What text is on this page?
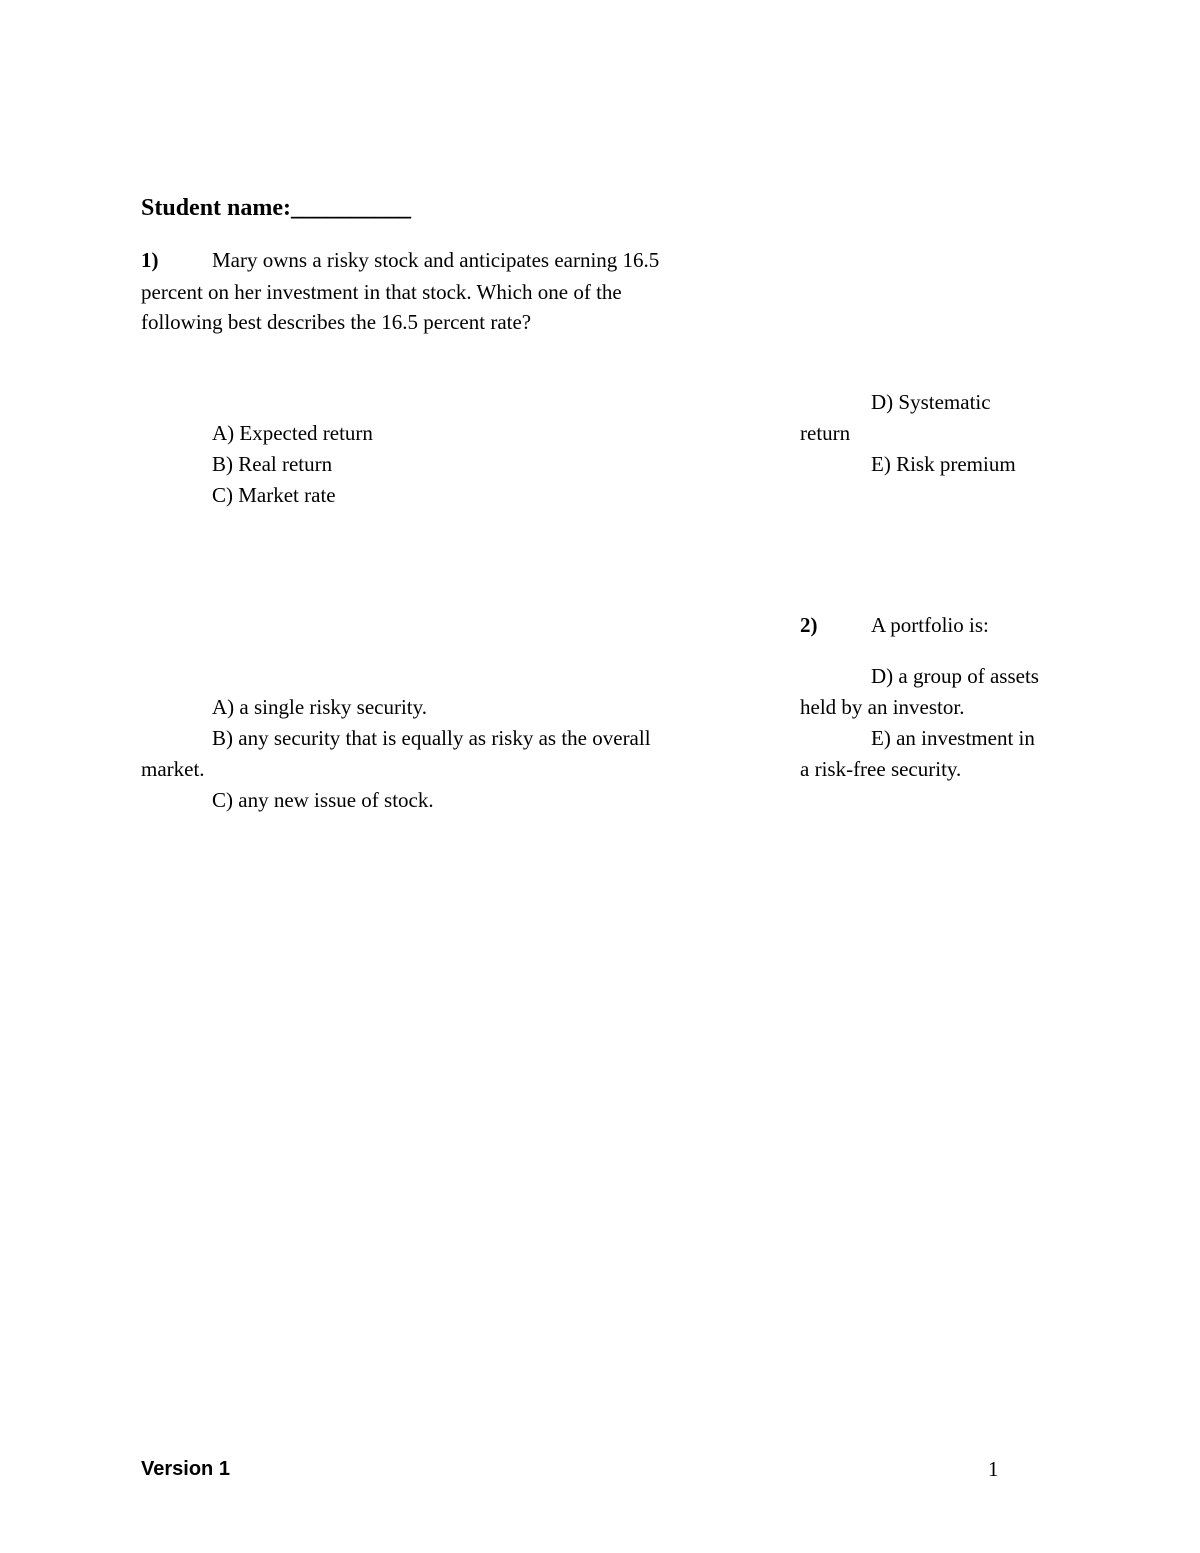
Student name:__________
1)	Mary owns a risky stock and anticipates earning 16.5
percent on her investment in that stock. Which one of the
following best describes the 16.5 percent rate?
A) Expected return
B) Real return
C) Market rate
D) Systematic
return
E) Risk premium
2)	A portfolio is:
A) a single risky security.
B) any security that is equally as risky as the overall
market.
C) any new issue of stock.
D) a group of assets
held by an investor.
E) an investment in
a risk-free security.
Version 1	1
